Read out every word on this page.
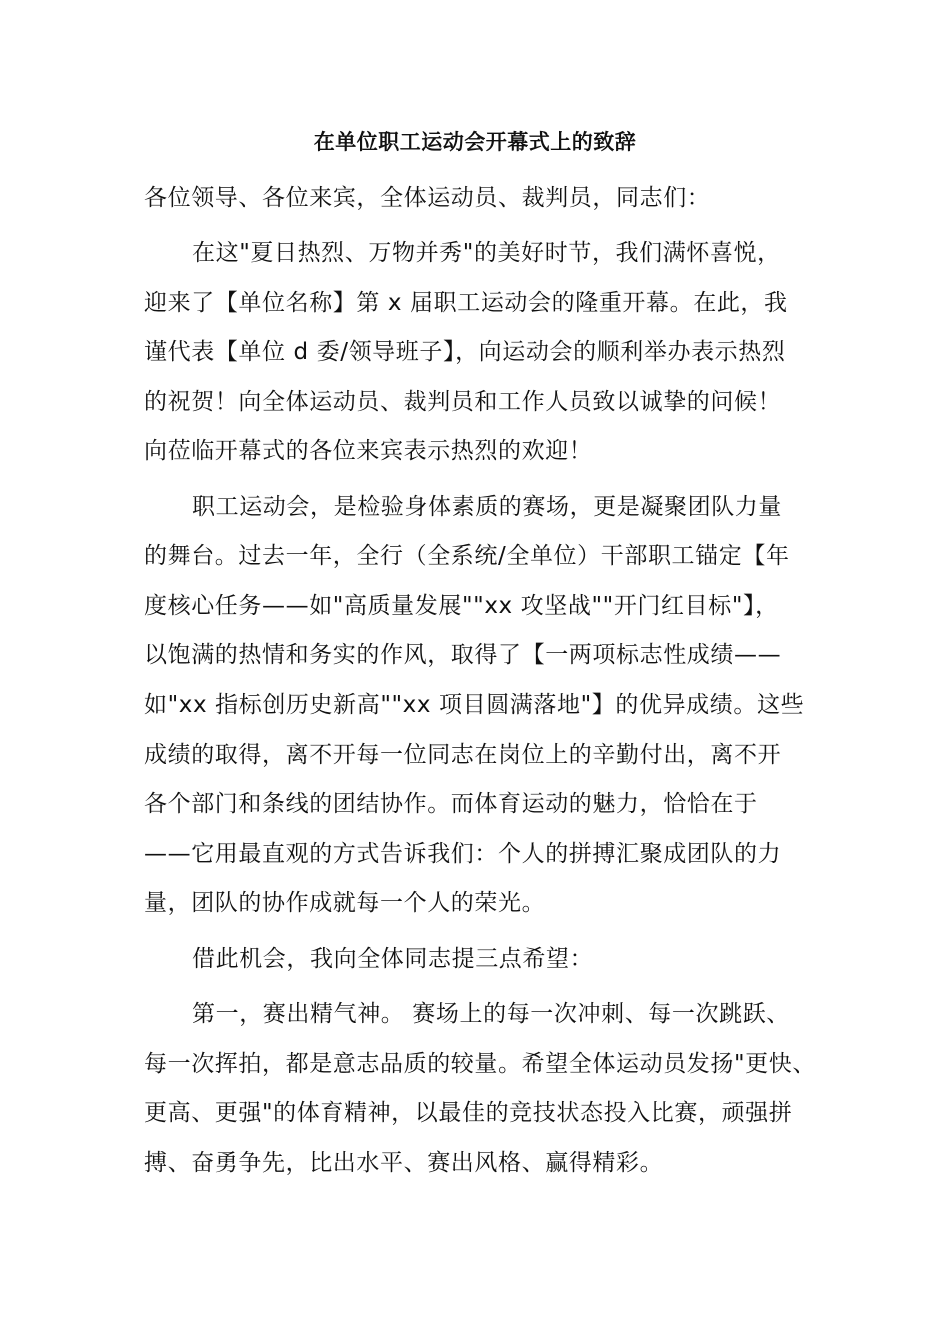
在单位职工运动会开幕式上的致辞
各位领导、各位来宾，全体运动员、裁判员，同志们：
在这"夏日热烈、万物并秀"的美好时节，我们满怀喜悦，
迎来了【单位名称】第 x 届职工运动会的隆重开幕。在此，我
谨代表【单位 d 委/领导班子】，向运动会的顺利举办表示热烈
的祝贺！向全体运动员、裁判员和工作人员致以诚挚的问候！
向莅临开幕式的各位来宾表示热烈的欢迎！
职工运动会，是检验身体素质的赛场，更是凝聚团队力量
的舞台。过去一年，全行（全系统/全单位）干部职工锚定【年
度核心任务——如"高质量发展""xx 攻坚战""开门红目标"】，
以饱满的热情和务实的作风，取得了【一两项标志性成绩——
如"xx 指标创历史新高""xx 项目圆满落地"】的优异成绩。这些
成绩的取得，离不开每一位同志在岗位上的辛勤付出，离不开
各个部门和条线的团结协作。而体育运动的魅力，恰恰在于
——它用最直观的方式告诉我们：个人的拼搏汇聚成团队的力
量，团队的协作成就每一个人的荣光。
借此机会，我向全体同志提三点希望：
第一，赛出精气神。 赛场上的每一次冲刺、每一次跳跃、
每一次挥拍，都是意志品质的较量。希望全体运动员发扬"更快、
更高、更强"的体育精神，以最佳的竞技状态投入比赛，顽强拼
搏、奋勇争先，比出水平、赛出风格、赢得精彩。
